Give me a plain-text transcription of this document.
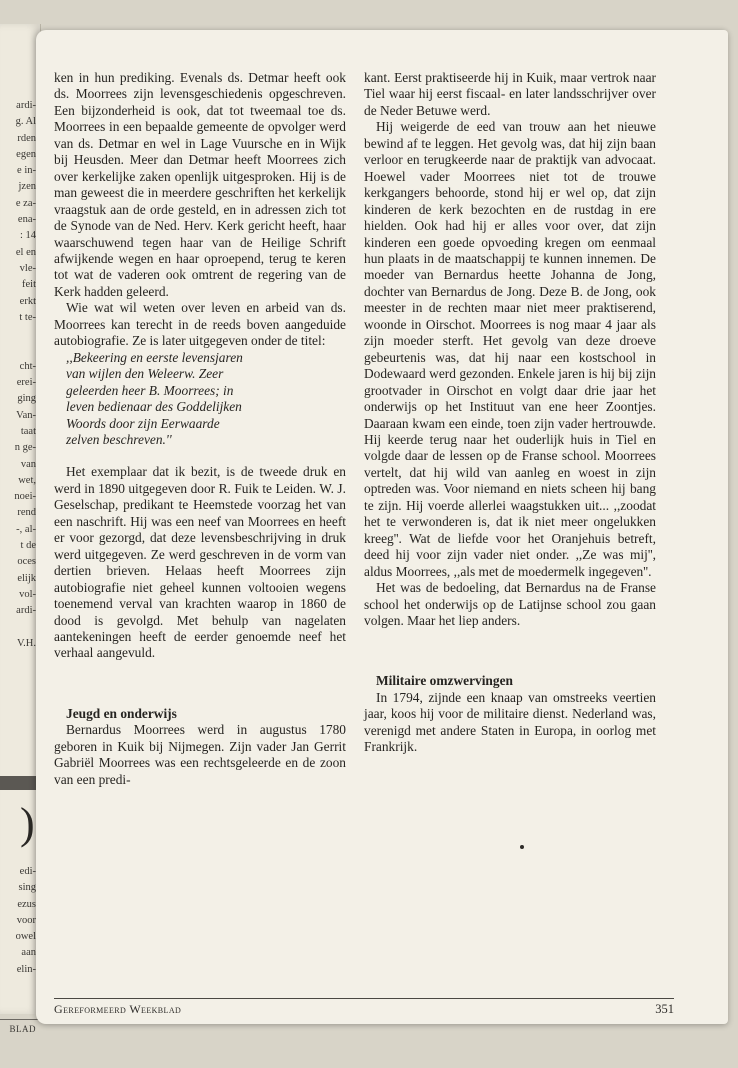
ardi-
g. Al
rden
egen
e in-
jzen
e za-
ena-
: 14
el en
vle-
feit
erkt
t te-
cht-
erei-
ging
Van-
taat
n ge-
van
wet,
noei-
rend
-, al-
t de
oces
elijk
vol-
ardi-
V.H.
)
edi-
sing
ezus
voor
owel
aan
elin-
BLAD

ken in hun prediking. Evenals ds. Detmar heeft ook ds. Moorrees zijn levensgeschiedenis opgeschreven. Een bijzonderheid is ook, dat tot tweemaal toe ds. Moorrees in een bepaalde gemeente de opvolger werd van ds. Detmar en wel in Lage Vuursche en in Wijk bij Heusden. Meer dan Detmar heeft Moorrees zich over kerkelijke zaken openlijk uitgesproken. Hij is de man geweest die in meerdere geschriften het kerkelijk vraagstuk aan de orde gesteld, en in adressen zich tot de Synode van de Ned. Herv. Kerk gericht heeft, haar waarschuwend tegen haar van de Heilige Schrift afwijkende wegen en haar oproepend, terug te keren tot wat de vaderen ook omtrent de regering van de Kerk hadden geleerd.

Wie wat wil weten over leven en arbeid van ds. Moorrees kan terecht in de reeds boven aangeduide autobiografie. Ze is later uitgegeven onder de titel:

,,Bekeering en eerste levensjaren
van wijlen den Weleerw. Zeer
geleerden heer B. Moorrees; in
leven bedienaar des Goddelijken
Woords door zijn Eerwaarde
zelven beschreven.''

Het exemplaar dat ik bezit, is de tweede druk en werd in 1890 uitgegeven door R. Fuik te Leiden. W. J. Geselschap, predikant te Heemstede voorzag het van een naschrift. Hij was een neef van Moorrees en heeft er voor gezorgd, dat deze levensbeschrijving in druk werd uitgegeven. Ze werd geschreven in de vorm van dertien brieven. Helaas heeft Moorrees zijn autobiografie niet geheel kunnen voltooien wegens toenemend verval van krachten waarop in 1860 de dood is gevolgd. Met behulp van nagelaten aantekeningen heeft de eerder genoemde neef het verhaal aangevuld.

Jeugd en onderwijs

Bernardus Moorrees werd in augustus 1780 geboren in Kuik bij Nijmegen. Zijn vader Jan Gerrit Gabriël Moorrees was een rechtsgeleerde en de zoon van een predi-

kant. Eerst praktiseerde hij in Kuik, maar vertrok naar Tiel waar hij eerst fiscaal- en later landsschrijver over de Neder Betuwe werd.

Hij weigerde de eed van trouw aan het nieuwe bewind af te leggen. Het gevolg was, dat hij zijn baan verloor en terugkeerde naar de praktijk van advocaat. Hoewel vader Moorrees niet tot de trouwe kerkgangers behoorde, stond hij er wel op, dat zijn kinderen de kerk bezochten en de rustdag in ere hielden. Ook had hij er alles voor over, dat zijn kinderen een goede opvoeding kregen om eenmaal hun plaats in de maatschappij te kunnen innemen. De moeder van Bernardus heette Johanna de Jong, dochter van Bernardus de Jong. Deze B. de Jong, ook meester in de rechten maar niet meer praktiserend, woonde in Oirschot. Moorrees is nog maar 4 jaar als zijn moeder sterft. Het gevolg van deze droeve gebeurtenis was, dat hij naar een kostschool in Dodewaard werd gezonden. Enkele jaren is hij bij zijn grootvader in Oirschot en volgt daar drie jaar het onderwijs op het Instituut van ene heer Zoontjes. Daaraan kwam een einde, toen zijn vader hertrouwde. Hij keerde terug naar het ouderlijk huis in Tiel en volgde daar de lessen op de Franse school. Moorrees vertelt, dat hij wild van aanleg en woest in zijn optreden was. Voor niemand en niets scheen hij bang te zijn. Hij voerde allerlei waagstukken uit... ,,zoodat het te verwonderen is, dat ik niet meer ongelukken kreeg''. Wat de liefde voor het Oranjehuis betreft, deed hij voor zijn vader niet onder. ,,Ze was mij'', aldus Moorrees, ,,als met de moedermelk ingegeven''.

Het was de bedoeling, dat Bernardus na de Franse school het onderwijs op de Latijnse school zou gaan volgen. Maar het liep anders.

Militaire omzwervingen

In 1794, zijnde een knaap van omstreeks veertien jaar, koos hij voor de militaire dienst. Nederland was, verenigd met andere Staten in Europa, in oorlog met Frankrijk.

Gereformeerd Weekblad	351
